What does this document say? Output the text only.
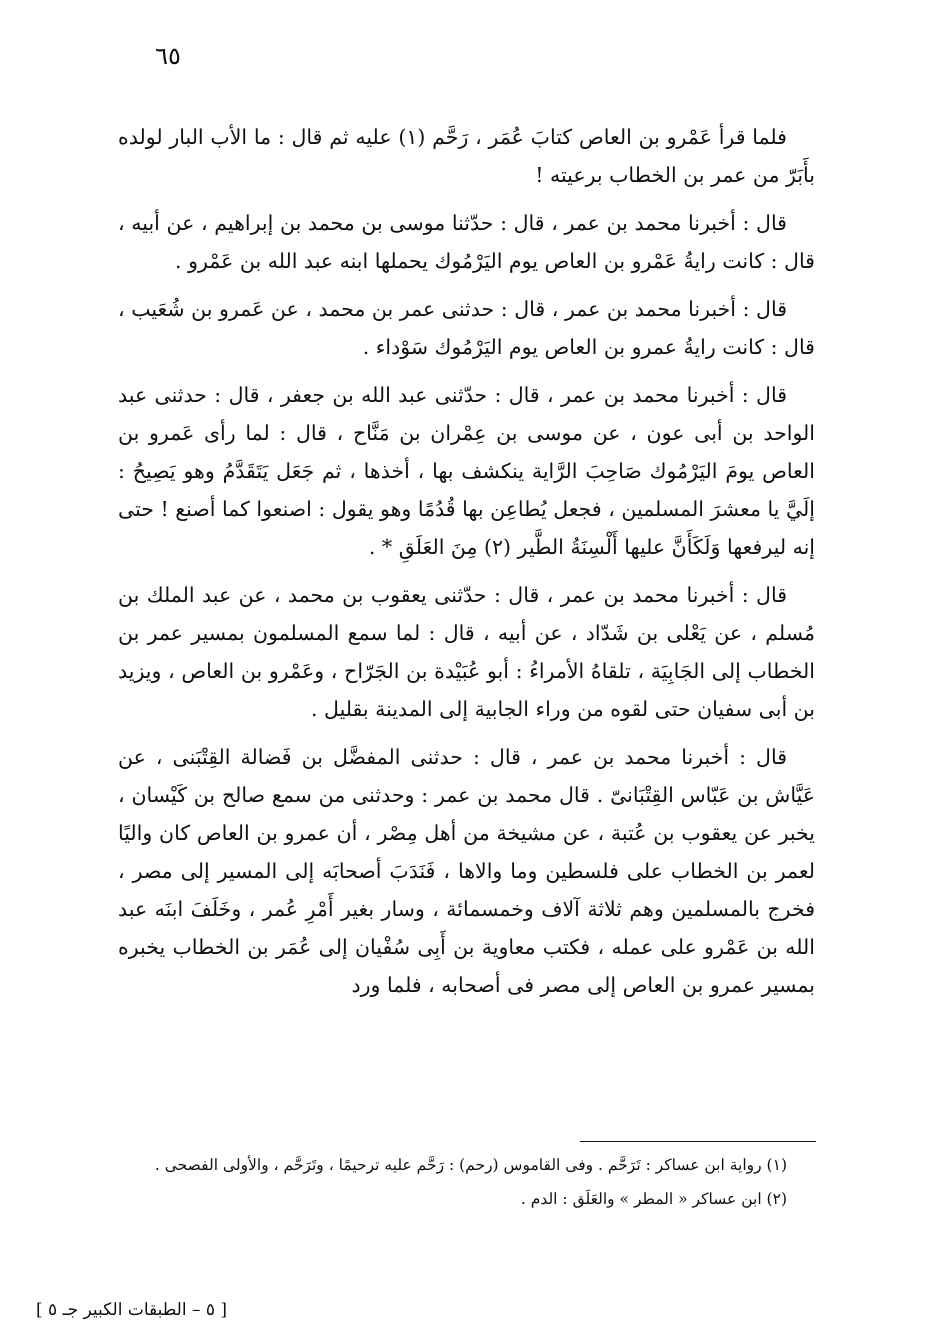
٦٥

فلما قرأ عَمْرو بن العاص كتابَ عُمَر ، رَحَّم (١) عليه ثم قال : ما الأب البار لولده بأَبَرّ من عمر بن الخطاب برعيته !

قال : أخبرنا محمد بن عمر ، قال : حدّثنا موسى بن محمد بن إبراهيم ، عن أبيه ، قال : كانت رايةُ عَمْرو بن العاص يوم اليَرْمُوك يحملها ابنه عبد الله بن عَمْرو .

قال : أخبرنا محمد بن عمر ، قال : حدثنى عمر بن محمد ، عن عَمرو بن شُعَيب ، قال : كانت رايةُ عمرو بن العاص يوم اليَرْمُوك سَوْداء .

قال : أخبرنا محمد بن عمر ، قال : حدّثنى عبد الله بن جعفر ، قال : حدثنى عبد الواحد بن أبى عون ، عن موسى بن عِمْران بن مَنَّاح ، قال : لما رأى عَمرو بن العاص يومَ اليَرْمُوك صَاحِبَ الرَّاية ينكشف بها ، أخذها ، ثم جَعَل يَتَقَدَّمُ وهو يَصِيحُ : إلَيَّ يا معشرَ المسلمين ، فجعل يُطاعِن بها قُدُمًا وهو يقول : اصنعوا كما أصنع ! حتى إنه ليرفعها وَلَكَأَنَّ عليها أَلْسِنَةُ الطَّير (٢) مِنَ العَلَقِ * .

قال : أخبرنا محمد بن عمر ، قال : حدّثنى يعقوب بن محمد ، عن عبد الملك بن مُسلم ، عن يَعْلى بن شَدّاد ، عن أبيه ، قال : لما سمع المسلمون بمسير عمر بن الخطاب إلى الجَابِيَة ، تلقاهُ الأمراءُ : أبو عُبَيْدة بن الجَرّاح ، وعَمْرو بن العاص ، ويزيد بن أبى سفيان حتى لقوه من وراء الجابية إلى المدينة بقليل .

قال : أخبرنا محمد بن عمر ، قال : حدثنى المفضَّل بن فَضالة القِتْبَنى ، عن عَيَّاش بن عَبّاس القِتْبَانىّ . قال محمد بن عمر : وحدثنى من سمع صالح بن كَيْسان ، يخبر عن يعقوب بن عُتبة ، عن مشيخة من أهل مِصْر ، أن عمرو بن العاص كان واليًا لعمر بن الخطاب على فلسطين وما والاها ، فَنَدَبَ أصحابَه إلى المسير إلى مصر ، فخرج بالمسلمين وهم ثلاثة آلاف وخمسمائة ، وسار بغير أَمْرِ عُمر ، وخَلَفَ ابنَه عبد الله بن عَمْرو على عمله ، فكتب معاوية بن أَبِى سُفْيان إلى عُمَر بن الخطاب يخبره بمسير عمرو بن العاص إلى مصر فى أصحابه ، فلما ورد

(١) رواية ابن عساكر : تَرَحَّم . وفى القاموس (رحم) : رَحَّم عليه ترحيمًا ، وتَرَحَّم ، والأولى الفصحى .

(٢) ابن عساكر « المطر » والعَلَق : الدم .

[ ٥ – الطبقات الكبير جـ ٥ ]
